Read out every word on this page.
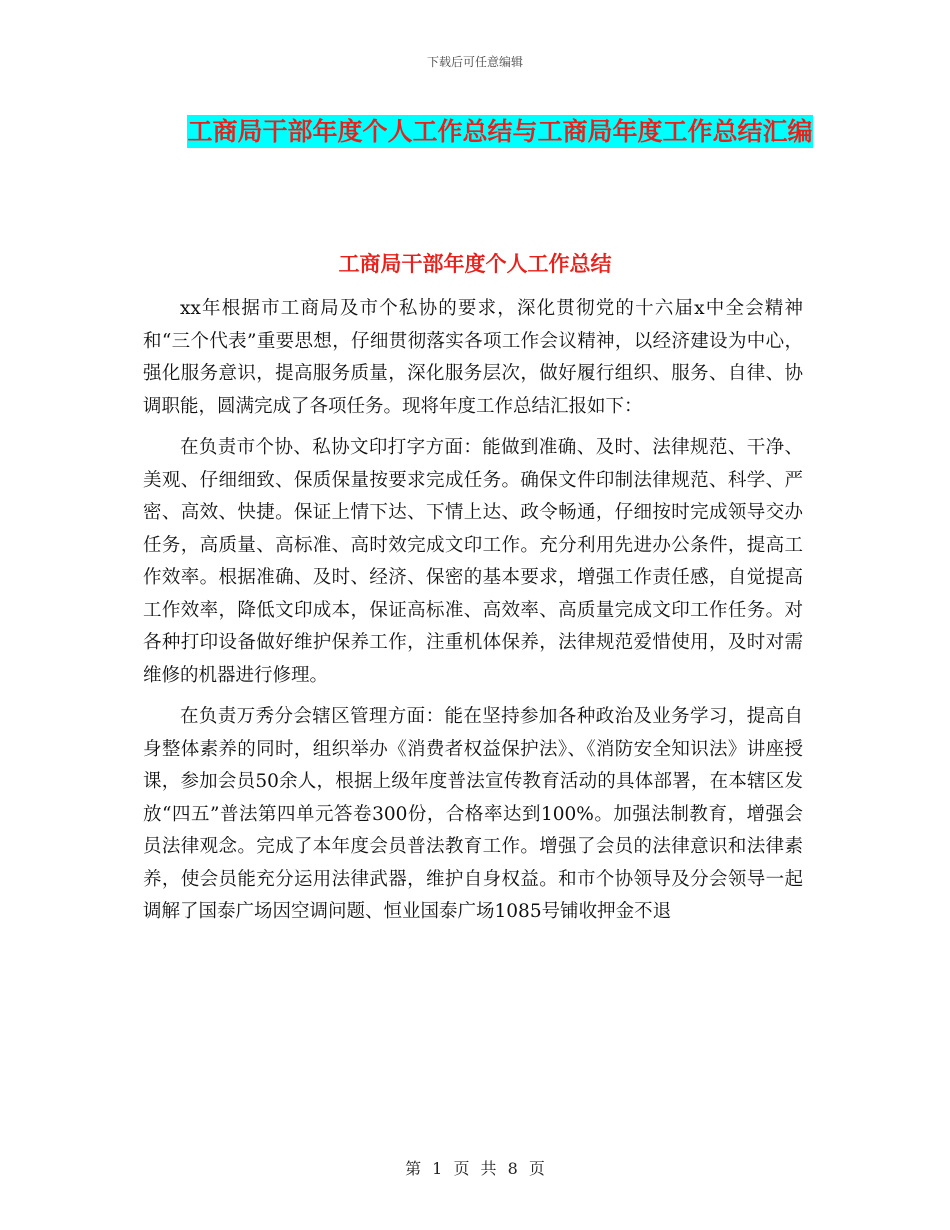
下载后可任意编辑
工商局干部年度个人工作总结与工商局年度工作总结汇编
工商局干部年度个人工作总结

xx年根据市工商局及市个私协的要求，深化贯彻党的十六届x中全会精神和“三个代表”重要思想，仔细贯彻落实各项工作会议精神，以经济建设为中心，强化服务意识，提高服务质量，深化服务层次，做好履行组织、服务、自律、协调职能，圆满完成了各项任务。现将年度工作总结汇报如下：

在负责市个协、私协文印打字方面：能做到准确、及时、法律规范、干净、美观、仔细细致、保质保量按要求完成任务。确保文件印制法律规范、科学、严密、高效、快捷。保证上情下达、下情上达、政令畅通，仔细按时完成领导交办任务，高质量、高标准、高时效完成文印工作。充分利用先进办公条件，提高工作效率。根据准确、及时、经济、保密的基本要求，增强工作责任感，自觉提高工作效率，降低文印成本，保证高标准、高效率、高质量完成文印工作任务。对各种打印设备做好维护保养工作，注重机体保养，法律规范爱惜使用，及时对需维修的机器进行修理。

在负责万秀分会辖区管理方面：能在坚持参加各种政治及业务学习，提高自身整体素养的同时，组织举办《消费者权益保护法》、《消防安全知识法》讲座授课，参加会员50余人，根据上级年度普法宣传教育活动的具体部署，在本辖区发放“四五”普法第四单元答卷300份，合格率达到100%。加强法制教育，增强会员法律观念。完成了本年度会员普法教育工作。增强了会员的法律意识和法律素养，使会员能充分运用法律武器，维护自身权益。和市个协领导及分会领导一起调解了国泰广场因空调问题、恒业国泰广场1085号铺收押金不退

第 1 页 共 8 页
